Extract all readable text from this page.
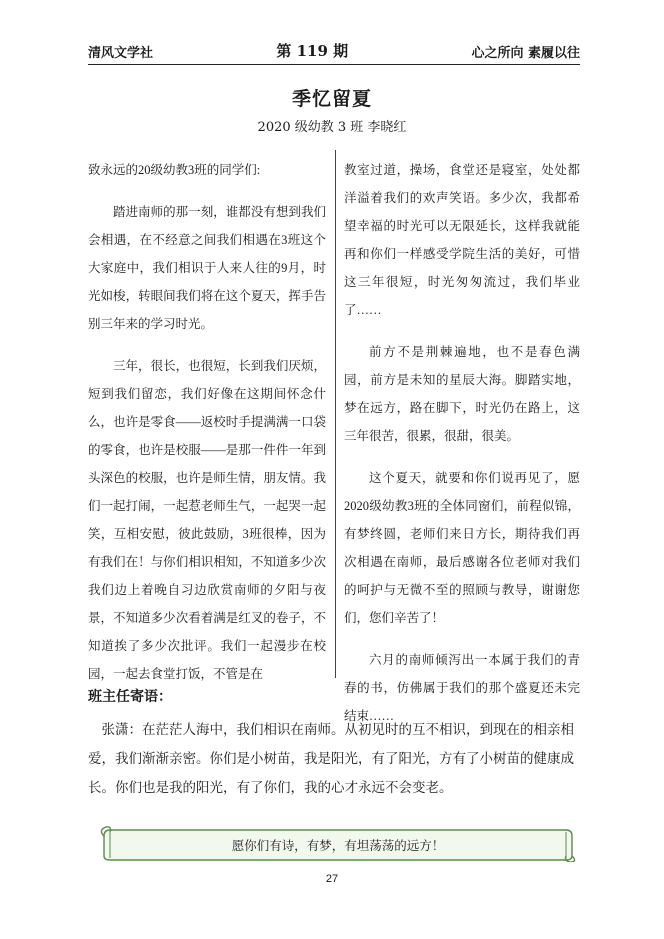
清风文学社	第 119 期	心之所向 素履以往
季忆留夏
2020 级幼教 3 班 李晓红

致永远的20级幼教3班的同学们:

踏进南师的那一刻，谁都没有想到我们会相遇，在不经意之间我们相遇在3班这个大家庭中，我们相识于人来人往的9月，时光如梭，转眼间我们将在这个夏天，挥手告别三年来的学习时光。

三年，很长，也很短，长到我们厌烦，短到我们留恋，我们好像在这期间怀念什么，也许是零食——返校时手提满满一口袋的零食，也许是校服——是那一件件一年到头深色的校服，也许是师生情，朋友情。我们一起打闹，一起惹老师生气，一起哭一起笑，互相安慰，彼此鼓励，3班很棒，因为有我们在！与你们相识相知，不知道多少次我们边上着晚自习边欣赏南师的夕阳与夜景，不知道多少次看着满是红叉的卷子，不知道挨了多少次批评。我们一起漫步在校园，一起去食堂打饭，不管是在

教室过道，操场，食堂还是寝室，处处都洋溢着我们的欢声笑语。多少次，我都希望幸福的时光可以无限延长，这样我就能再和你们一样感受学院生活的美好，可惜这三年很短，时光匆匆流过，我们毕业了……

前方不是荆棘遍地，也不是春色满园，前方是未知的星辰大海。脚踏实地，梦在远方，路在脚下，时光仍在路上，这三年很苦，很累，很甜，很美。

这个夏天，就要和你们说再见了，愿2020级幼教3班的全体同窗们，前程似锦，有梦终圆，老师们来日方长，期待我们再次相遇在南师，最后感谢各位老师对我们的呵护与无微不至的照顾与教导，谢谢您们，您们辛苦了！

六月的南师倾泻出一本属于我们的青春的书，仿佛属于我们的那个盛夏还未完结束……

班主任寄语：
张潇：在茫茫人海中，我们相识在南师。从初见时的互不相识，到现在的相亲相爱，我们渐渐亲密。你们是小树苗，我是阳光，有了阳光，方有了小树苗的健康成长。你们也是我的阳光，有了你们，我的心才永远不会变老。
愿你们有诗，有梦，有坦荡荡的远方！
27
